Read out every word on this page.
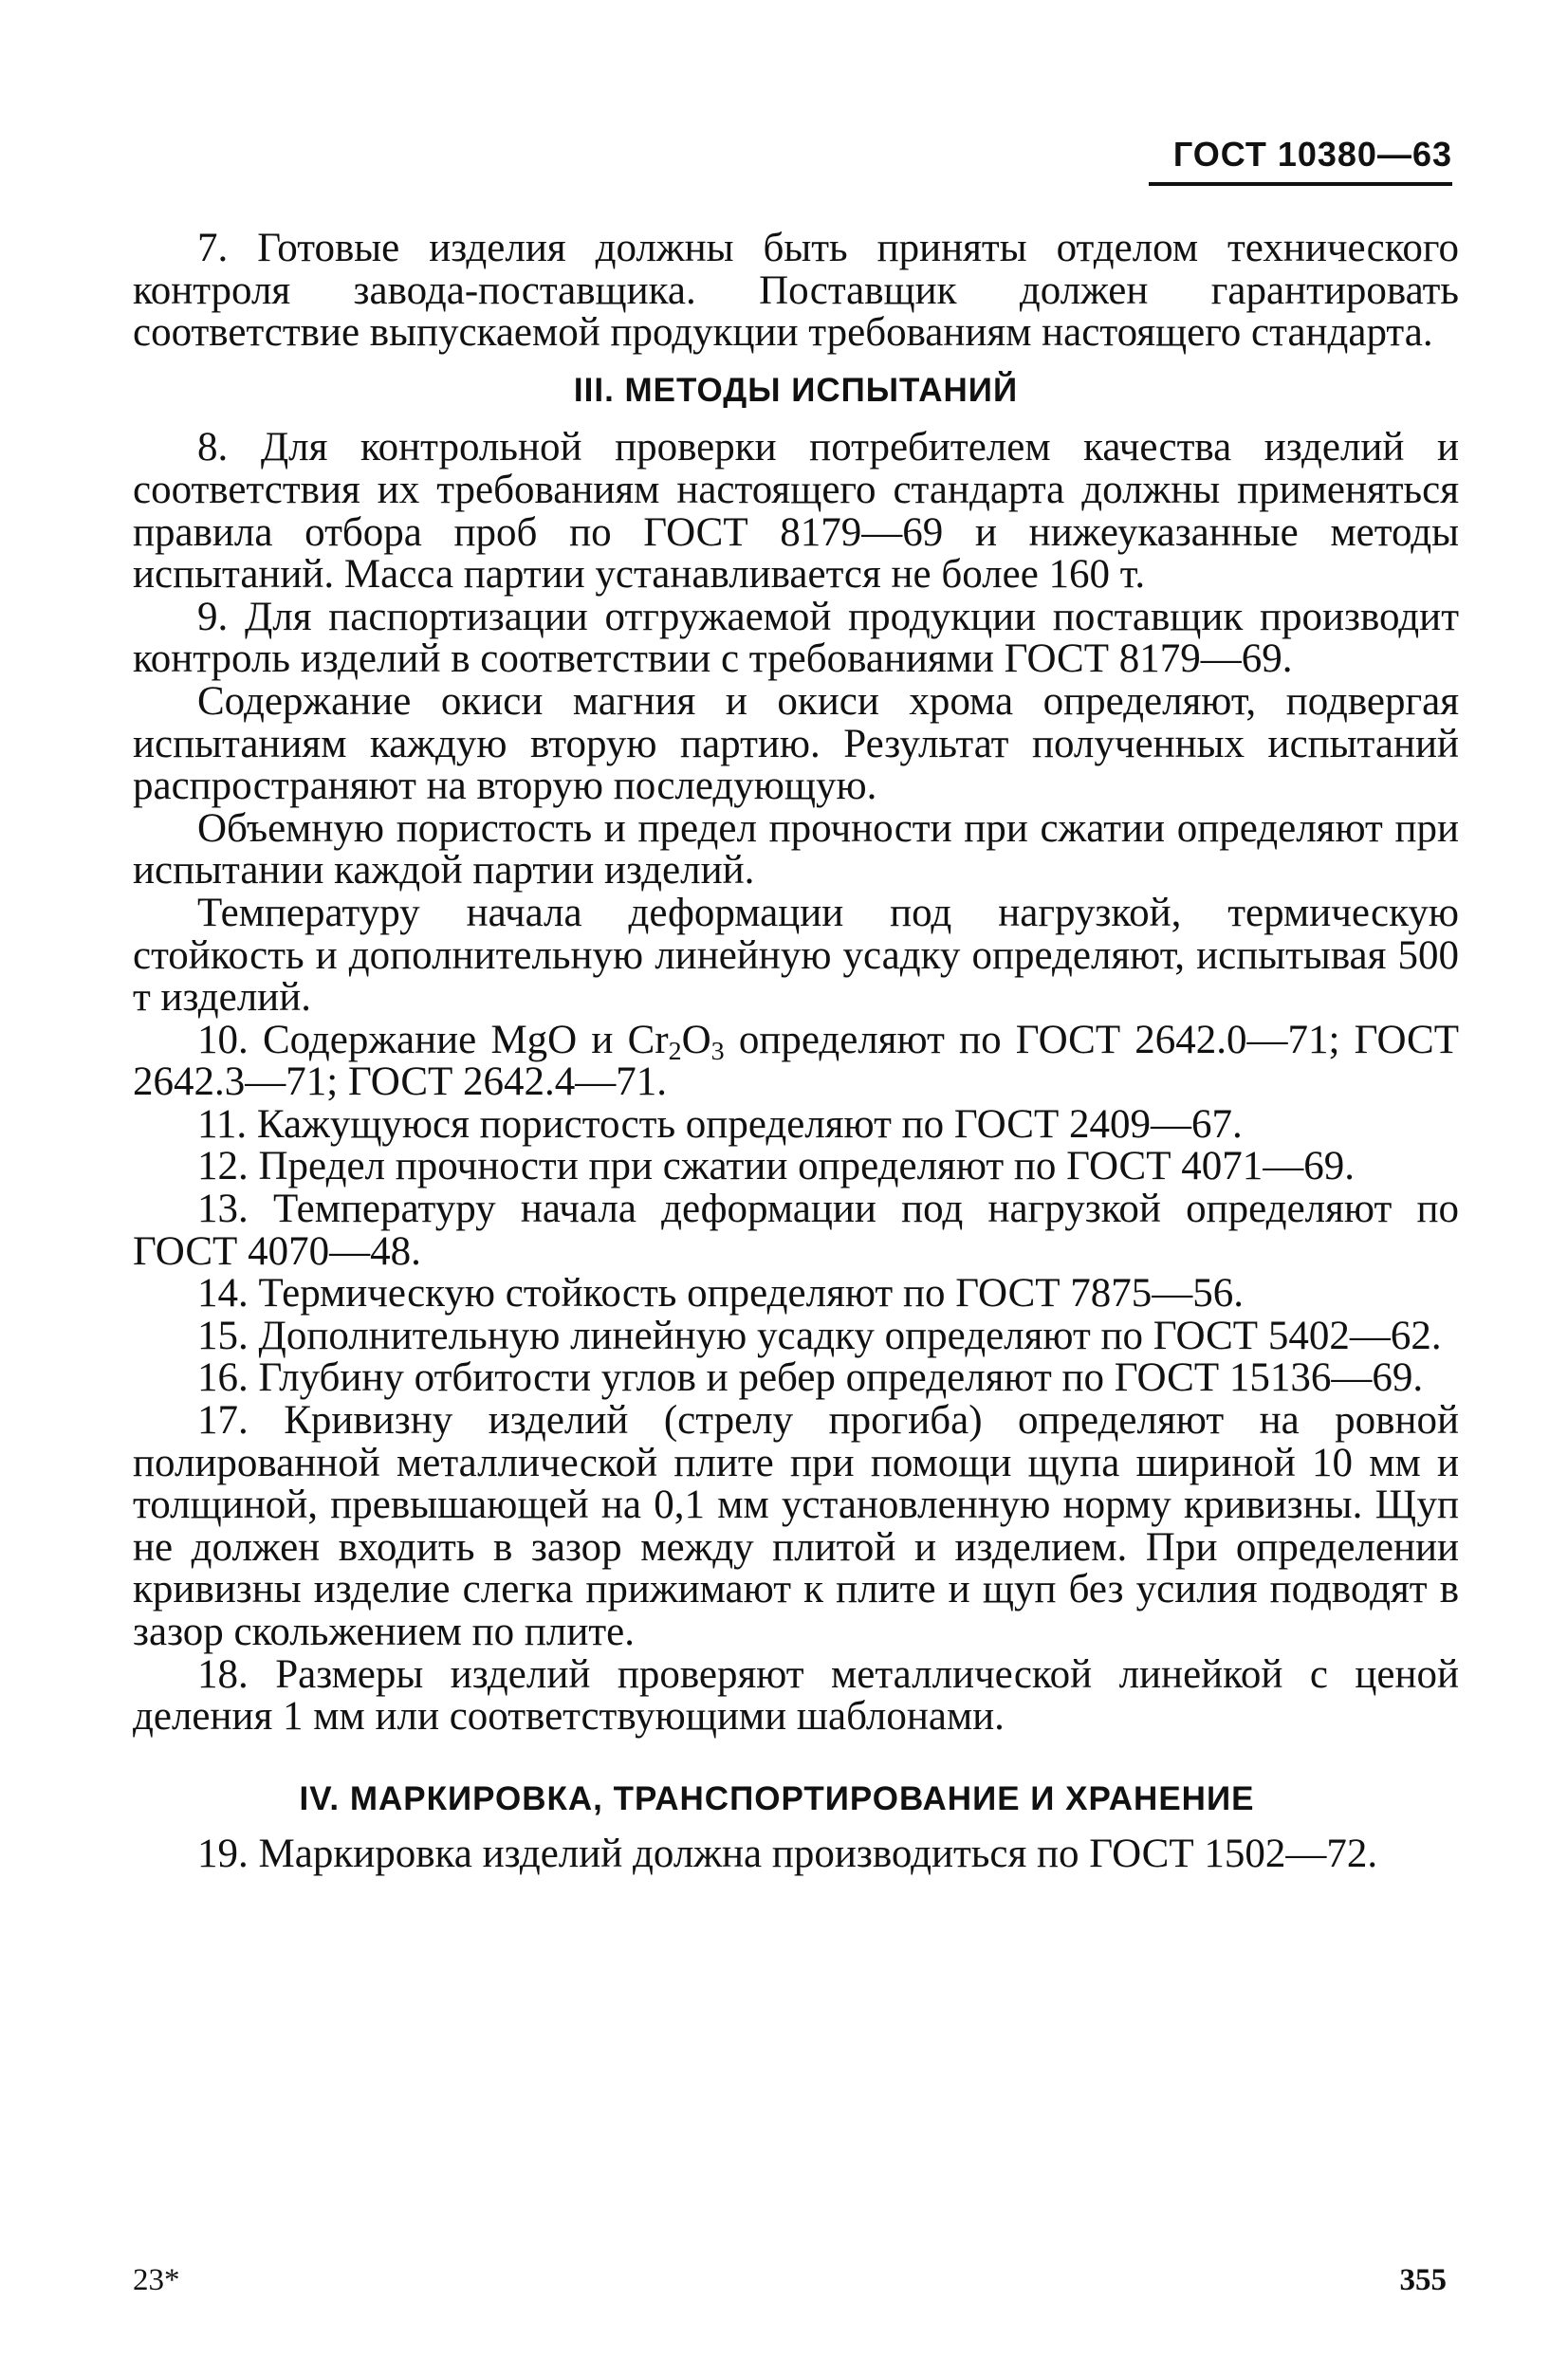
ГОСТ 10380—63

7. Готовые изделия должны быть приняты отделом технического контроля завода-поставщика. Поставщик должен гарантировать соответствие выпускаемой продукции требованиям настоящего стандарта.

III. МЕТОДЫ ИСПЫТАНИЙ

8. Для контрольной проверки потребителем качества изделий и соответствия их требованиям настоящего стандарта должны применяться правила отбора проб по ГОСТ 8179—69 и нижеуказанные методы испытаний. Масса партии устанавливается не более 160 т.

9. Для паспортизации отгружаемой продукции поставщик производит контроль изделий в соответствии с требованиями ГОСТ 8179—69.

Содержание окиси магния и окиси хрома определяют, подвергая испытаниям каждую вторую партию. Результат полученных испытаний распространяют на вторую последующую.

Объемную пористость и предел прочности при сжатии определяют при испытании каждой партии изделий.

Температуру начала деформации под нагрузкой, термическую стойкость и дополнительную линейную усадку определяют, испытывая 500 т изделий.

10. Содержание MgO и $Cr_2O_3$ определяют по ГОСТ 2642.0—71; ГОСТ 2642.3—71; ГОСТ 2642.4—71.

11. Кажущуюся пористость определяют по ГОСТ 2409—67.

12. Предел прочности при сжатии определяют по ГОСТ 4071—69.

13. Температуру начала деформации под нагрузкой определяют по ГОСТ 4070—48.

14. Термическую стойкость определяют по ГОСТ 7875—56.

15. Дополнительную линейную усадку определяют по ГОСТ 5402—62.

16. Глубину отбитости углов и ребер определяют по ГОСТ 15136—69.

17. Кривизну изделий (стрелу прогиба) определяют на ровной полированной металлической плите при помощи щупа шириной 10 мм и толщиной, превышающей на 0,1 мм установленную норму кривизны. Щуп не должен входить в зазор между плитой и изделием. При определении кривизны изделие слегка прижимают к плите и щуп без усилия подводят в зазор скольжением по плите.

18. Размеры изделий проверяют металлической линейкой с ценой деления 1 мм или соответствующими шаблонами.

IV. МАРКИРОВКА, ТРАНСПОРТИРОВАНИЕ И ХРАНЕНИЕ

19. Маркировка изделий должна производиться по ГОСТ 1502—72.

23*	355
